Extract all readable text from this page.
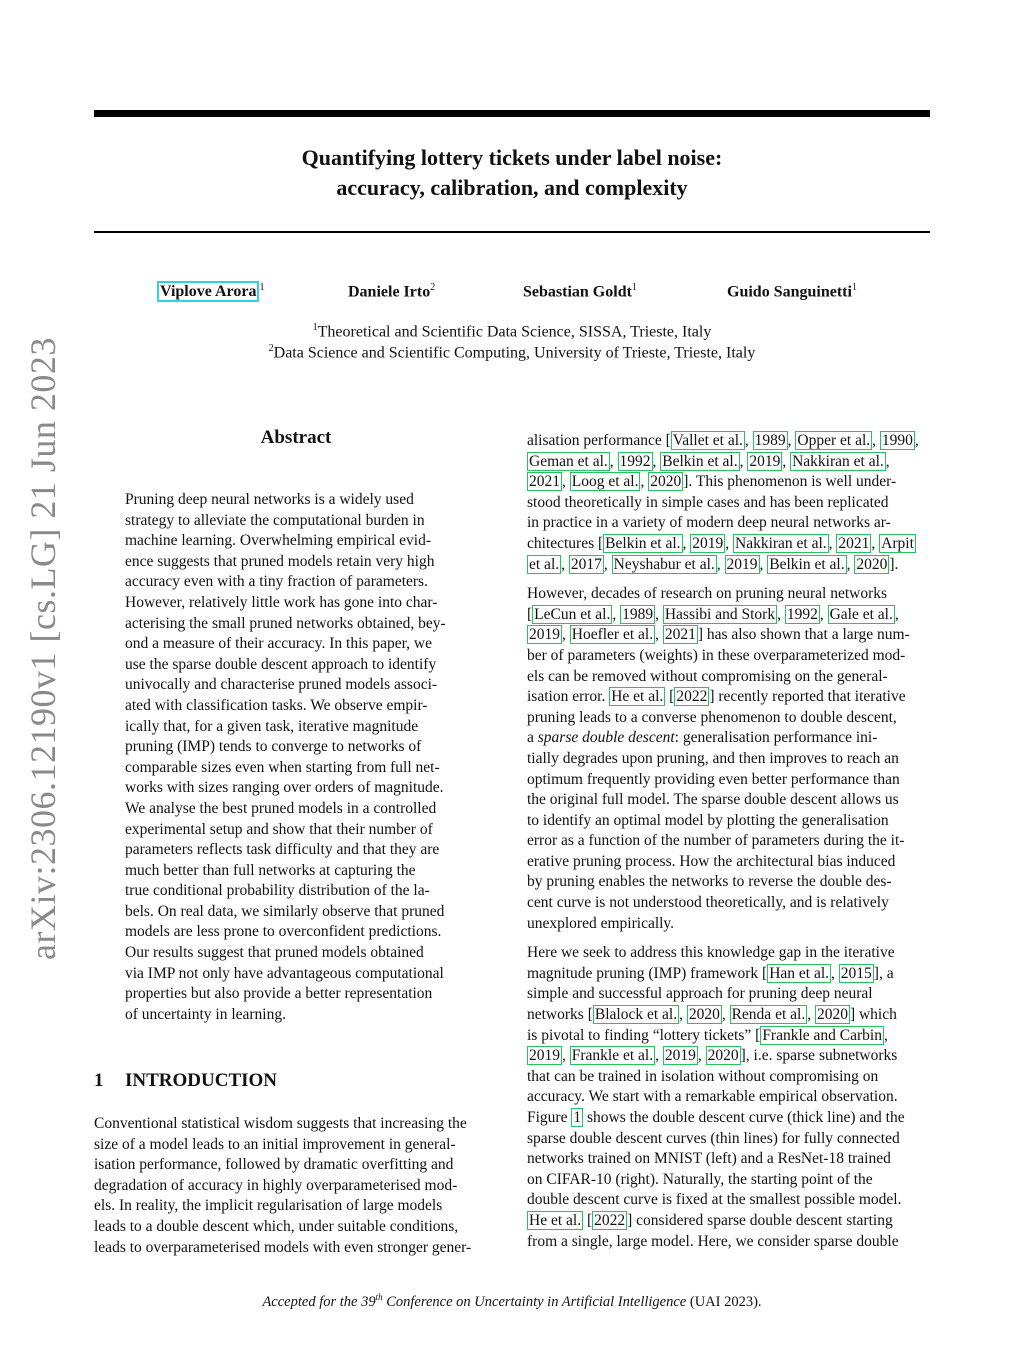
Quantifying lottery tickets under label noise:
accuracy, calibration, and complexity
Viplove Arora $^1$	Daniele Irto$^2$	Sebastian Goldt$^1$	Guido Sanguinetti$^1$
$^1$Theoretical and Scientific Data Science, SISSA, Trieste, Italy
$^2$Data Science and Scientific Computing, University of Trieste, Trieste, Italy
arXiv:2306.12190v1 [cs.LG] 21 Jun 2023	Abstract
Pruning deep neural networks is a widely used
strategy to alleviate the computational burden in
machine learning. Overwhelming empirical evid-
ence suggests that pruned models retain very high
accuracy even with a tiny fraction of parameters.
However, relatively little work has gone into char-
acterising the small pruned networks obtained, bey-
ond a measure of their accuracy. In this paper, we
use the sparse double descent approach to identify
univocally and characterise pruned models associ-
ated with classification tasks. We observe empir-
ically that, for a given task, iterative magnitude
pruning (IMP) tends to converge to networks of
comparable sizes even when starting from full net-
works with sizes ranging over orders of magnitude.
We analyse the best pruned models in a controlled
experimental setup and show that their number of
parameters reflects task difficulty and that they are
much better than full networks at capturing the
true conditional probability distribution of the la-
bels. On real data, we similarly observe that pruned
models are less prone to overconfident predictions.
Our results suggest that pruned models obtained
via IMP not only have advantageous computational
properties but also provide a better representation
of uncertainty in learning.
1 INTRODUCTION
Conventional statistical wisdom suggests that increasing the
size of a model leads to an initial improvement in general-
isation performance, followed by dramatic overfitting and
degradation of accuracy in highly overparameterised mod-
els. In reality, the implicit regularisation of large models
leads to a double descent which, under suitable conditions,
leads to overparameterised models with even stronger gener-
alisation performance [ Vallet et al. , 1989 , Opper et al. , 1990 ,
Geman et al. , 1992 , Belkin et al. , 2019 , Nakkiran et al. ,
2021 , Loog et al. , 2020 ]. This phenomenon is well under-
stood theoretically in simple cases and has been replicated
in practice in a variety of modern deep neural networks ar-
chitectures [ Belkin et al. , 2019 , Nakkiran et al. , 2021 , Arpit
et al. , 2017 , Neyshabur et al. , 2019 , Belkin et al. , 2020 ].
However, decades of research on pruning neural networks
[ LeCun et al. , 1989 , Hassibi and Stork , 1992 , Gale et al. ,
2019 , Hoefler et al. , 2021 ] has also shown that a large num-
ber of parameters (weights) in these overparameterized mod-
els can be removed without compromising on the general-
isation error. He et al. [ 2022 ] recently reported that iterative
pruning leads to a converse phenomenon to double descent,
a sparse double descent: generalisation performance ini-
tially degrades upon pruning, and then improves to reach an
optimum frequently providing even better performance than
the original full model. The sparse double descent allows us
to identify an optimal model by plotting the generalisation
error as a function of the number of parameters during the it-
erative pruning process. How the architectural bias induced
by pruning enables the networks to reverse the double des-
cent curve is not understood theoretically, and is relatively
unexplored empirically.
Here we seek to address this knowledge gap in the iterative
magnitude pruning (IMP) framework [ Han et al. , 2015 ], a
simple and successful approach for pruning deep neural
networks [ Blalock et al. , 2020 , Renda et al. , 2020 ] which
is pivotal to finding “lottery tickets” [ Frankle and Carbin ,
2019 , Frankle et al. , 2019 , 2020 ], i.e. sparse subnetworks
that can be trained in isolation without compromising on
accuracy. We start with a remarkable empirical observation.
Figure 1 shows the double descent curve (thick line) and the
sparse double descent curves (thin lines) for fully connected
networks trained on MNIST (left) and a ResNet-18 trained
on CIFAR-10 (right). Naturally, the starting point of the
double descent curve is fixed at the smallest possible model.
He et al. [ 2022 ] considered sparse double descent starting
from a single, large model. Here, we consider sparse double
Accepted for the 39th Conference on Uncertainty in Artificial Intelligence (UAI 2023).
